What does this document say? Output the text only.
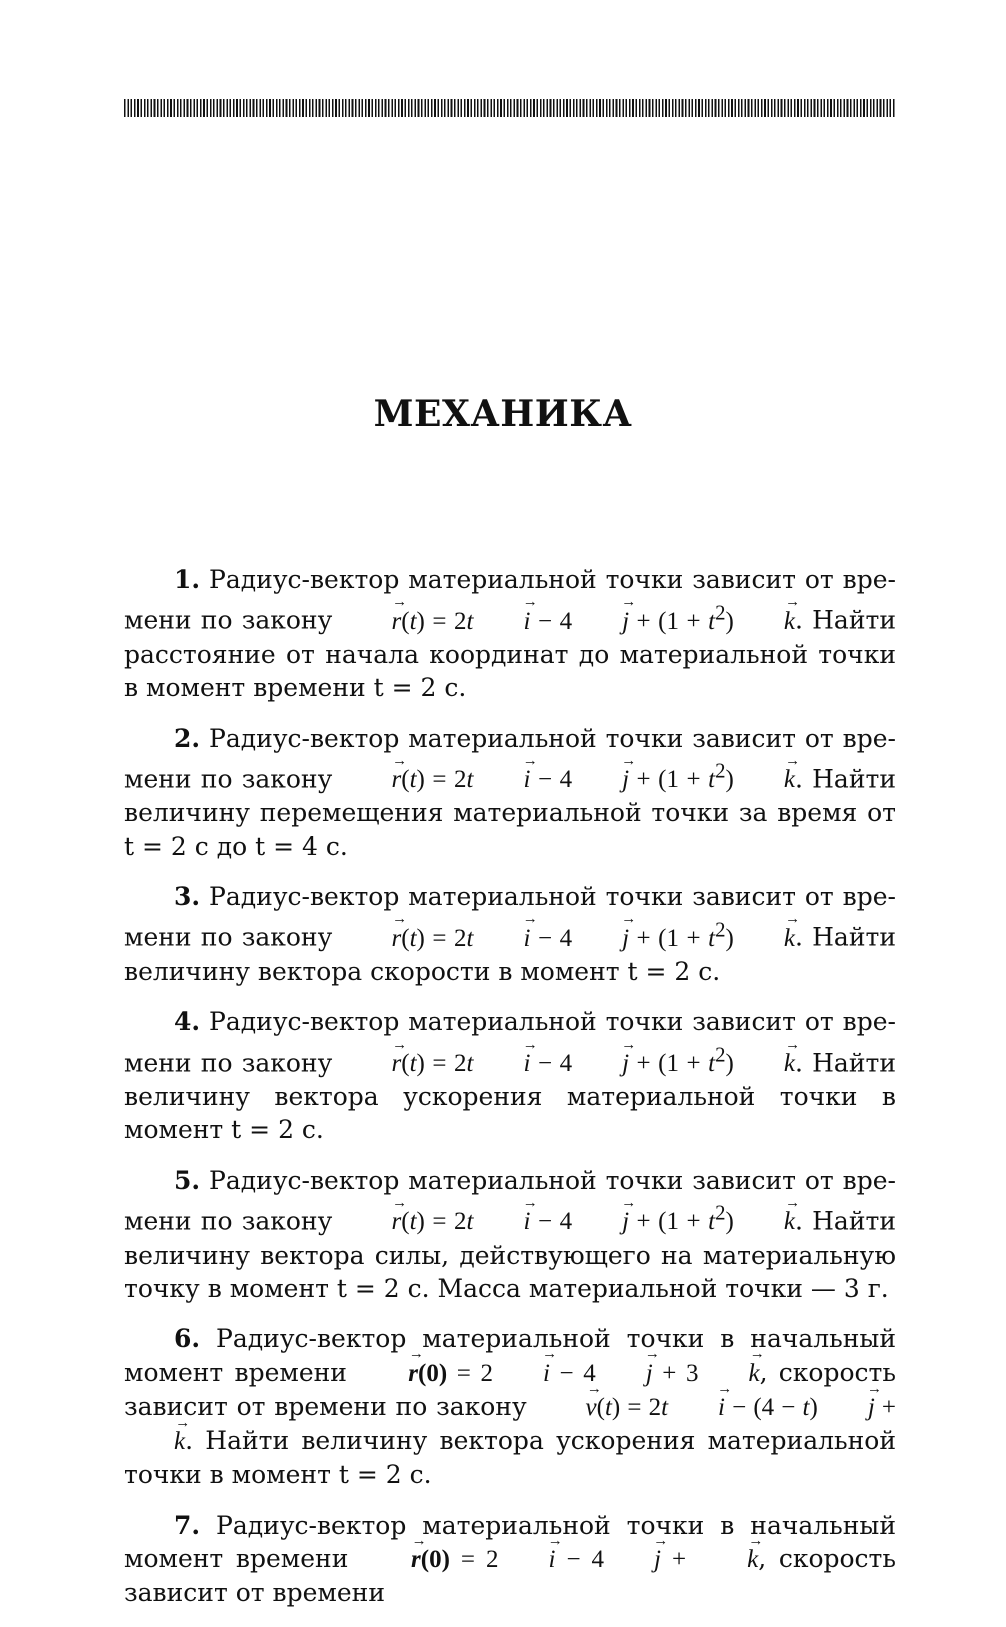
МЕХАНИКА

1. Радиус-вектор материальной точки зависит от времени по закону → $r(t) = 2t \to i - 4 \to j + (1 + t^2) \to k$. Найти расстояние от начала координат до материальной точки в момент времени t = 2 с.

2. Радиус-вектор материальной точки зависит от времени по закону → $r(t) = 2t \to i - 4 \to j + (1 + t^2) \to k$. Найти величину перемещения материальной точки за время от t = 2 с до t = 4 с.

3. Радиус-вектор материальной точки зависит от времени по закону → $r(t) = 2t \to i - 4 \to j + (1 + t^2) \to k$. Найти величину вектора скорости в момент t = 2 с.

4. Радиус-вектор материальной точки зависит от времени по закону → $r(t) = 2t \to i - 4 \to j + (1 + t^2) \to k$. Найти величину вектора ускорения материальной точки в момент t = 2 с.

5. Радиус-вектор материальной точки зависит от времени по закону → $r(t) = 2t \to i - 4 \to j + (1 + t^2) \to k$. Найти величину вектора силы, действующего на материальную точку в момент t = 2 с. Масса материальной точки — 3 г.

6. Радиус-вектор материальной точки в начальный момент времени → r(0) = 2 → i − 4 → j + 3 → k, скорость зависит от времени по закону → v(t) = 2t → i − (4 − t) → j + → k. Найти величину вектора ускорения материальной точки в момент t = 2 с.

7. Радиус-вектор материальной точки в начальный момент времени	→ r(0) = 2 → i − 4 → j + → k, скорость зависит от времени
